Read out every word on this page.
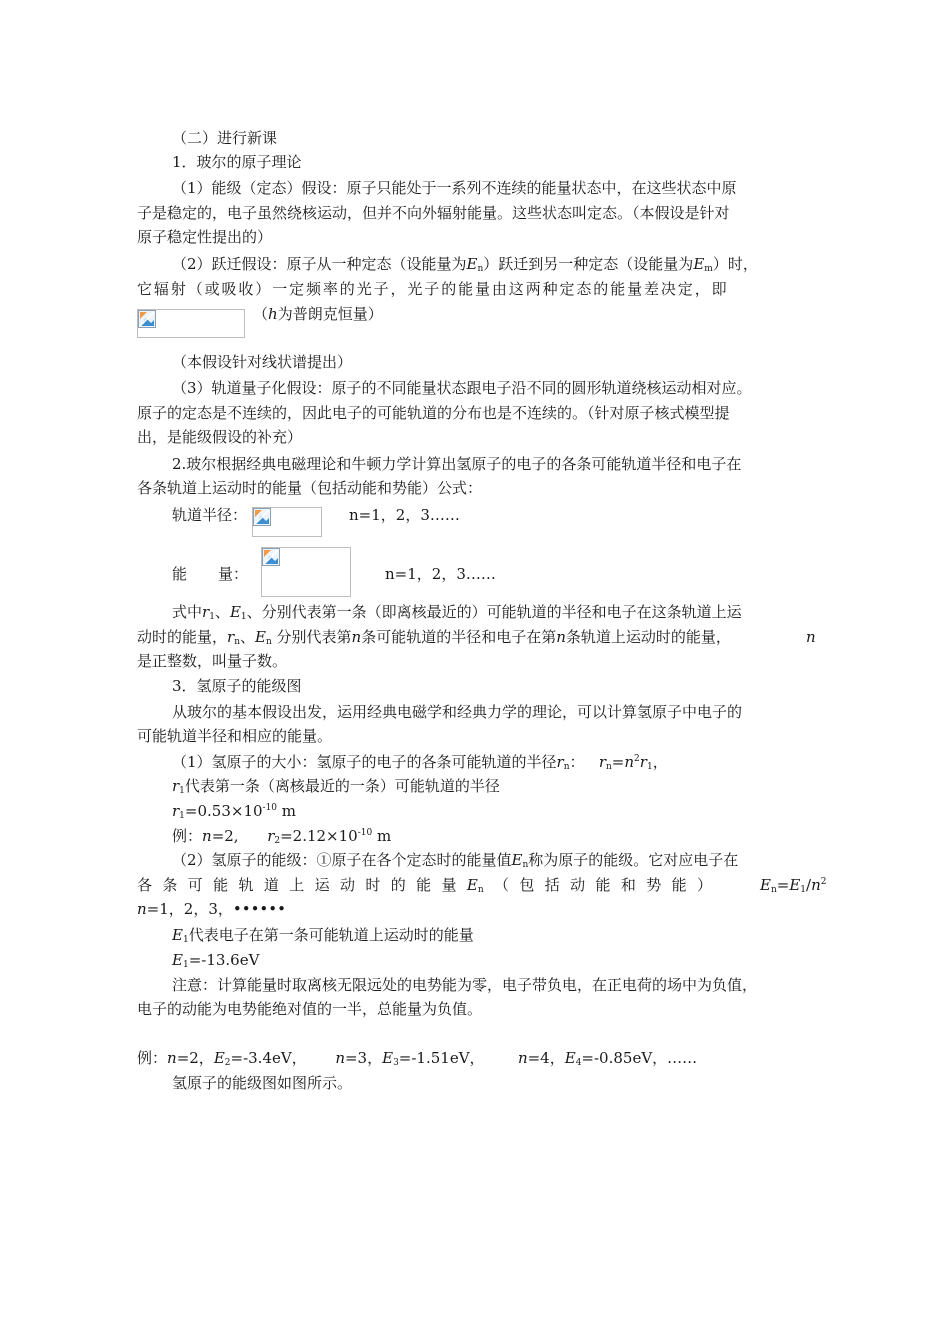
（二）进行新课
1．玻尔的原子理论
（1）能级（定态）假设：原子只能处于一系列不连续的能量状态中，在这些状态中原
子是稳定的，电子虽然绕核运动，但并不向外辐射能量。这些状态叫定态。（本假设是针对
原子稳定性提出的）
（2）跃迁假设：原子从一种定态（设能量为$E_n$）跃迁到另一种定态（设能量为$E_m$）时，
它辐射（或吸收）一定频率的光子，光子的能量由这两种定态的能量差决定，即
（h为普朗克恒量）
（本假设针对线状谱提出）
（3）轨道量子化假设：原子的不同能量状态跟电子沿不同的圆形轨道绕核运动相对应。
原子的定态是不连续的，因此电子的可能轨道的分布也是不连续的。（针对原子核式模型提
出，是能级假设的补充）
2.玻尔根据经典电磁理论和牛顿力学计算出氢原子的电子的各条可能轨道半径和电子在
各条轨道上运动时的能量（包括动能和势能）公式：
轨道半径：	n=1，2，3……
能 量：	n=1，2，3……
式中$r_1$、$E_1$、分别代表第一条（即离核最近的）可能轨道的半径和电子在这条轨道上运
动时的能量，$r_n$、$E_n$ 分别代表第n条可能轨道的半径和电子在第n条轨道上运动时的能量，	n
是正整数，叫量子数。
3．氢原子的能级图
从玻尔的基本假设出发，运用经典电磁学和经典力学的理论，可以计算氢原子中电子的
可能轨道半径和相应的能量。
（1）氢原子的大小：氢原子的电子的各条可能轨道的半径$r_n$：   $r_n=n^2r_1$，
$r_1$代表第一条（离核最近的一条）可能轨道的半径
$r_1=0.53\times 10^{-10}$ m
例：n=2, $r_2=2.12\times 10^{-10}$ m
（2）氢原子的能级：①原子在各个定态时的能量值$E_n$称为原子的能级。它对应电子在
各 条 可 能 轨 道 上 运 动 时 的 能 量 $E_n$ （ 包 括 动 能 和 势 能 ）	$E_n=E_1/n^2$
n=1，2，3，••••••
$E_1$代表电子在第一条可能轨道上运动时的能量
$E_1=-13.6eV$
注意：计算能量时取离核无限远处的电势能为零，电子带负电，在正电荷的场中为负值，
电子的动能为电势能绝对值的一半，总能量为负值。
例：n=2，$E_2=-3.4eV$， n=3，$E_3=-1.51eV$， n=4，$E_4=-0.85eV$，……
氢原子的能级图如图所示。
